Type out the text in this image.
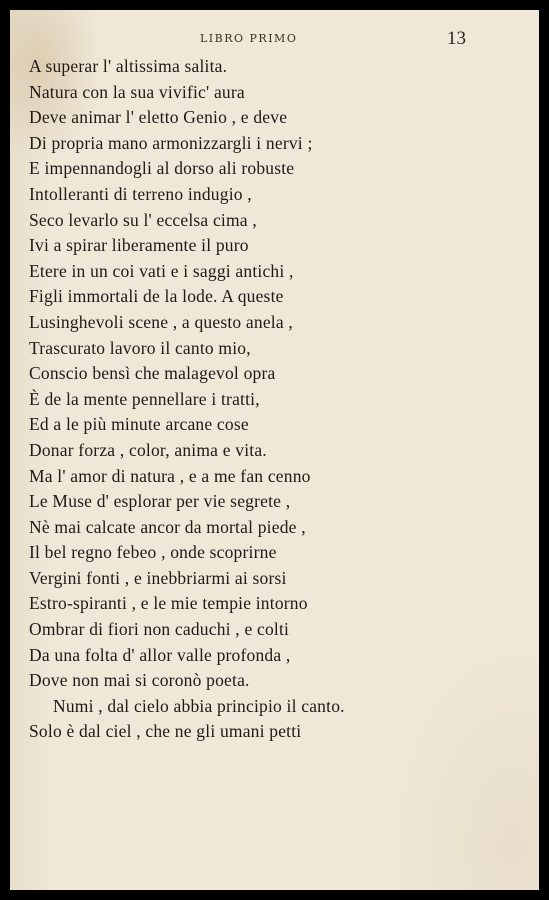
LIBRO PRIMO	13
A superar l' altissima salita.
Natura con la sua vivific' aura
Deve animar l' eletto Genio , e deve
Di propria mano armonizzargli i nervi ;
E impennandogli al dorso ali robuste
Intolleranti di terreno indugio ,
Seco levarlo su l' eccelsa cima ,
Ivi a spirar liberamente il puro
Etere in un coi vati e i saggi antichi ,
Figli immortali de la lode. A queste
Lusinghevoli scene , a questo anela ,
Trascurato lavoro il canto mio,
Conscio bensì che malagevol opra
È de la mente pennellare i tratti,
Ed a le più minute arcane cose
Donar forza , color, anima e vita.
Ma l' amor di natura , e a me fan cenno
Le Muse d' esplorar per vie segrete ,
Nè mai calcate ancor da mortal piede ,
Il bel regno febeo , onde scoprirne
Vergini fonti , e inebbriarmi ai sorsi
Estro-spiranti , e le mie tempie intorno
Ombrar di fiori non caduchi , e colti
Da una folta d' allor valle profonda ,
Dove non mai si coronò poeta.
Numi , dal cielo abbia principio il canto.
Solo è dal ciel , che ne gli umani petti
